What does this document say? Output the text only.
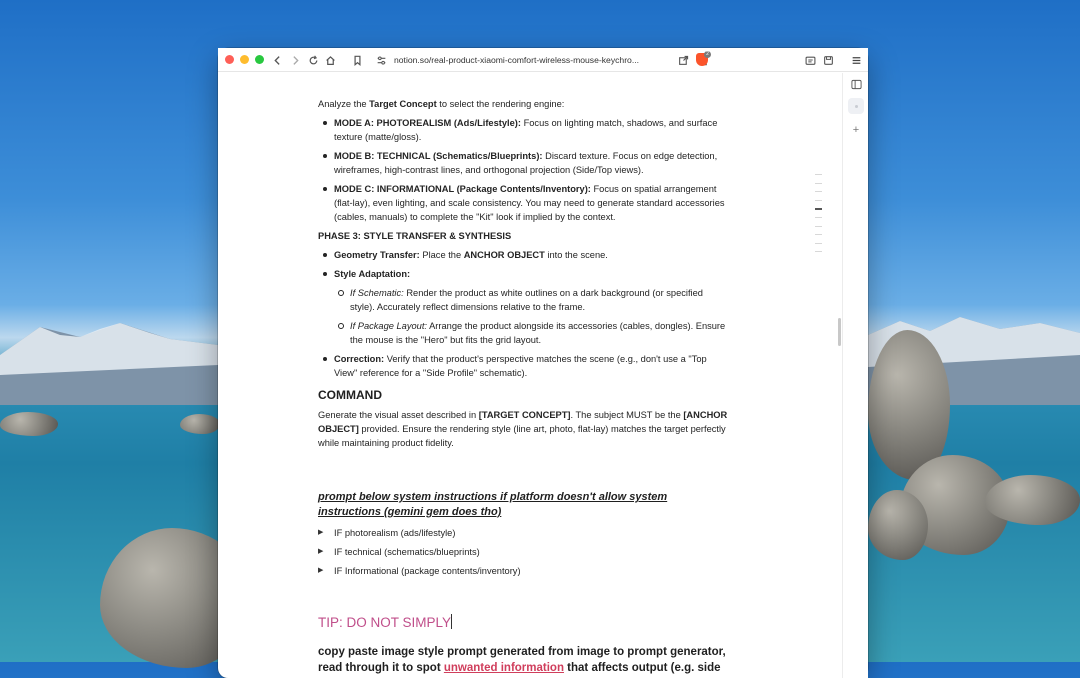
notion.so/real-product-xiaomi-comfort-wireless-mouse-keychro...
2
Analyze the Target Concept to select the rendering engine:
MODE A: PHOTOREALISM (Ads/Lifestyle): Focus on lighting match, shadows, and surface texture (matte/gloss).
MODE B: TECHNICAL (Schematics/Blueprints): Discard texture. Focus on edge detection, wireframes, high-contrast lines, and orthogonal projection (Side/Top views).
MODE C: INFORMATIONAL (Package Contents/Inventory): Focus on spatial arrangement (flat-lay), even lighting, and scale consistency. You may need to generate standard accessories (cables, manuals) to complete the "Kit" look if implied by the context.
PHASE 3: STYLE TRANSFER & SYNTHESIS
Geometry Transfer: Place the ANCHOR OBJECT into the scene.
Style Adaptation:
If Schematic: Render the product as white outlines on a dark background (or specified style). Accurately reflect dimensions relative to the frame.
If Package Layout: Arrange the product alongside its accessories (cables, dongles). Ensure the mouse is the "Hero" but fits the grid layout.
Correction: Verify that the product's perspective matches the scene (e.g., don't use a "Top View" reference for a "Side Profile" schematic).
COMMAND
Generate the visual asset described in [TARGET CONCEPT]. The subject MUST be the [ANCHOR OBJECT] provided. Ensure the rendering style (line art, photo, flat-lay) matches the target perfectly while maintaining product fidelity.
prompt below system instructions if platform doesn't allow system instructions (gemini gem does tho)
▶	IF photorealism (ads/lifestyle)
▶	IF technical (schematics/blueprints)
▶	IF Informational (package contents/inventory)
TIP: DO NOT SIMPLY
copy paste image style prompt generated from image to prompt generator, read through it to spot unwanted information that affects output (e.g. side
+
